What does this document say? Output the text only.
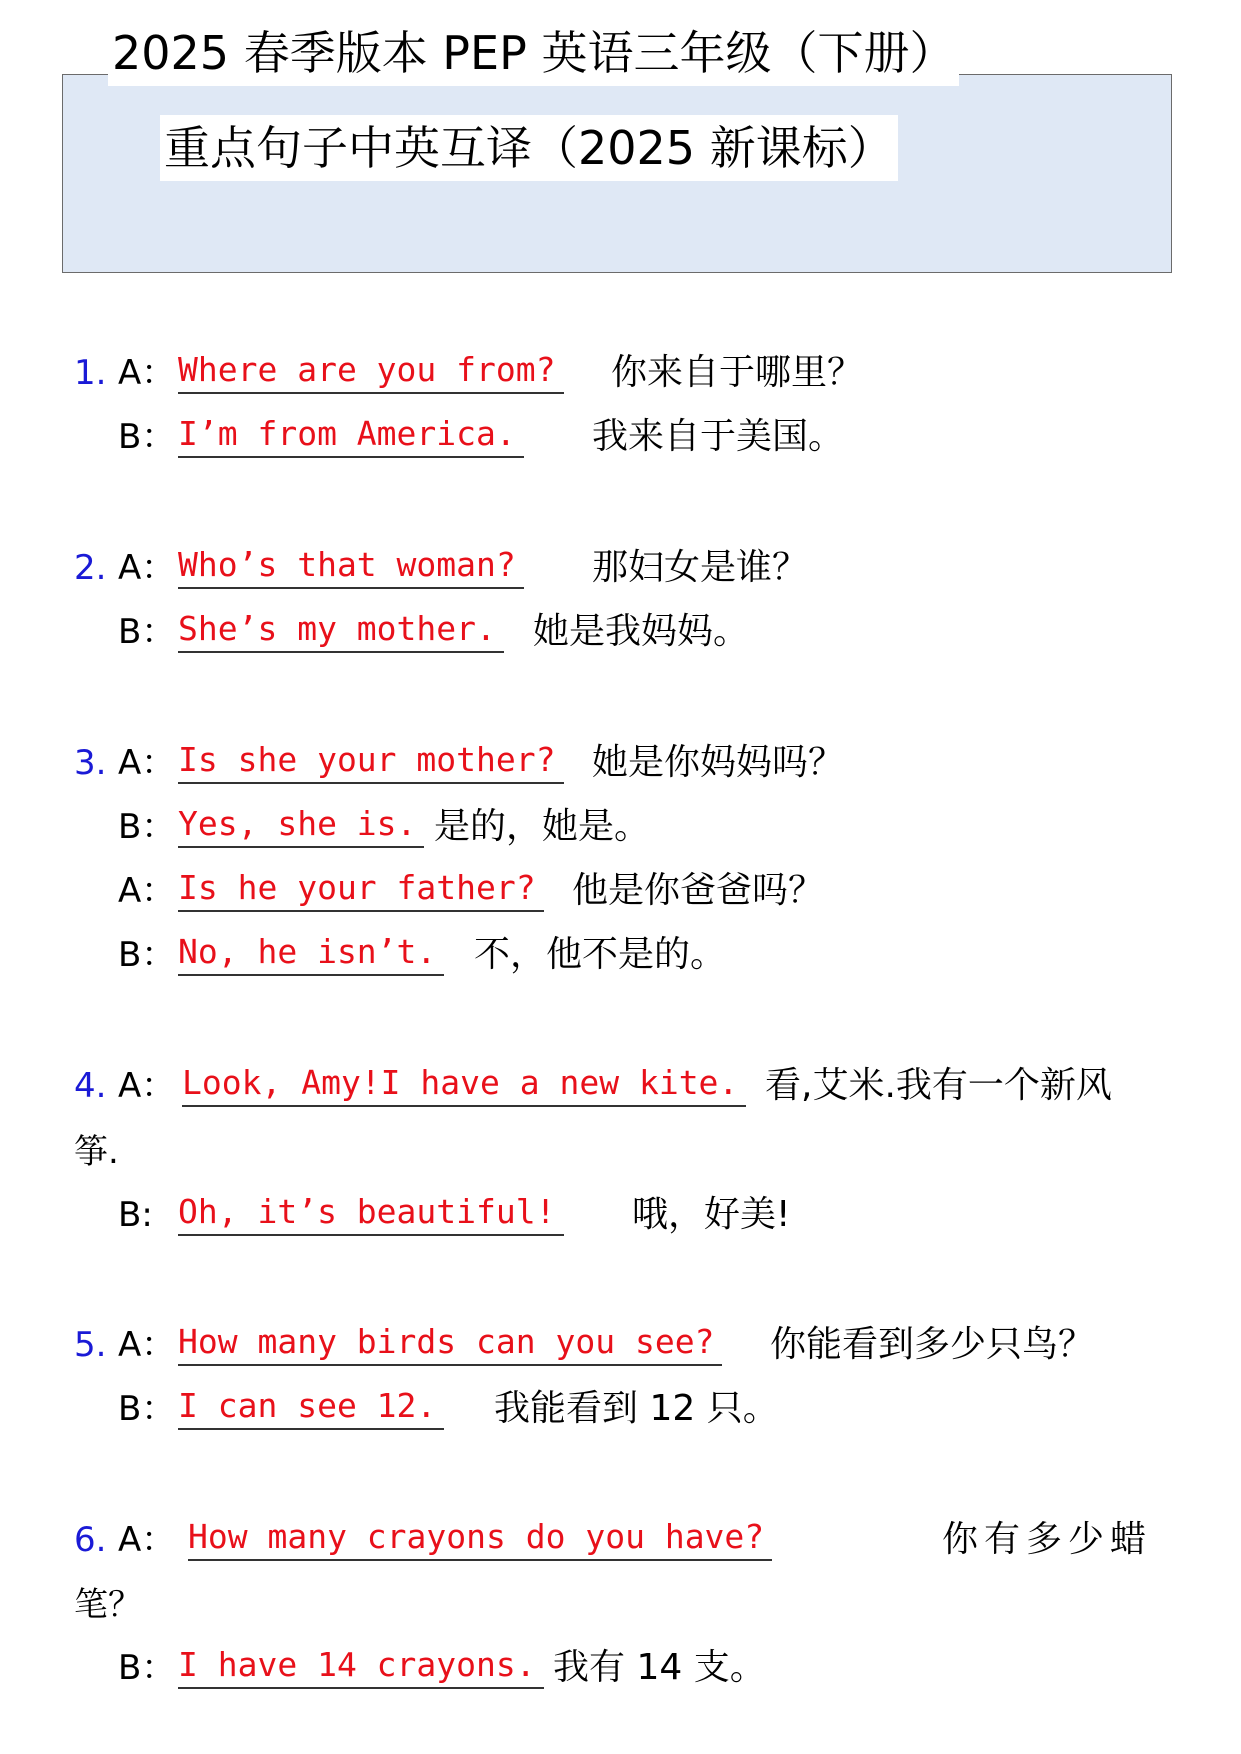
2025 春季版本 PEP 英语三年级（下册）
重点句子中英互译（2025 新课标）
1. A： Where are you from? 你来自于哪里？
B： I’m from America. 我来自于美国。
2. A： Who’s that woman? 那妇女是谁？
B： She’s my mother. 她是我妈妈。
3. A： Is she your mother? 她是你妈妈吗？
B： Yes, she is. 是的，她是。
A： Is he your father? 他是你爸爸吗？
B： No, he isn’t. 不，他不是的。
4. A： Look, Amy!I have a new kite. 看,艾米.我有一个新风
筝.
B: Oh, it’s beautiful! 哦，好美!
5. A： How many birds can you see? 你能看到多少只鸟？
B： I can see 12. 我能看到 12 只。
6. A： How many crayons do you have?	你有多少蜡
笔？
B： I have 14 crayons. 我有 14 支。
